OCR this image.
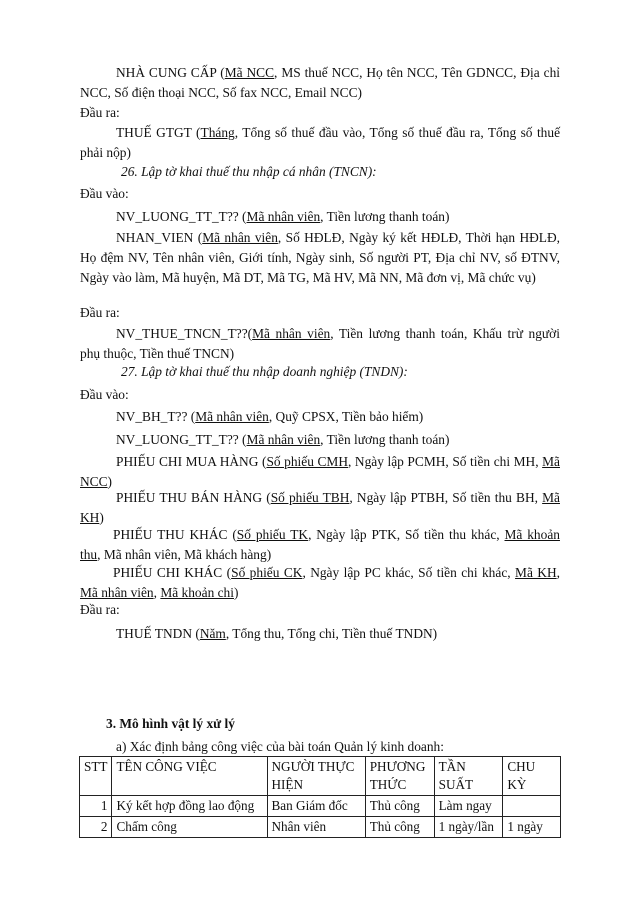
NHÀ CUNG CẤP (Mã NCC, MS thuế NCC, Họ tên NCC, Tên GDNCC, Địa chỉ NCC, Số điện thoại NCC, Số fax NCC, Email NCC)

Đầu ra:

THUẾ GTGT (Tháng, Tổng số thuế đầu vào, Tổng số thuế đầu ra, Tổng số thuế phải nộp)

26. Lập tờ khai thuế thu nhập cá nhân (TNCN):

Đầu vào:

NV_LUONG_TT_T?? (Mã nhân viên, Tiền lương thanh toán)

NHAN_VIEN (Mã nhân viên, Số HĐLĐ, Ngày ký kết HĐLĐ, Thời hạn HĐLĐ, Họ đệm NV, Tên nhân viên, Giới tính, Ngày sinh, Số người PT, Địa chỉ NV, số ĐTNV, Ngày vào làm, Mã huyện, Mã DT, Mã TG, Mã HV, Mã NN, Mã đơn vị, Mã chức vụ)

Đầu ra:

NV_THUE_TNCN_T??(Mã nhân viên, Tiền lương thanh toán, Khấu trừ người phụ thuộc, Tiền thuế TNCN)

27. Lập tờ khai thuế thu nhập doanh nghiệp (TNDN):

Đầu vào:

NV_BH_T?? (Mã nhân viên, Quỹ CPSX, Tiền bảo hiểm)

NV_LUONG_TT_T?? (Mã nhân viên, Tiền lương thanh toán)

PHIẾU CHI MUA HÀNG (Số phiếu CMH, Ngày lập PCMH, Số tiền chi MH, Mã NCC)

PHIẾU THU BÁN HÀNG (Số phiếu TBH, Ngày lập PTBH, Số tiền thu BH, Mã KH)

PHIẾU THU KHÁC (Số phiếu TK, Ngày lập PTK, Số tiền thu khác, Mã khoản thu, Mã nhân viên, Mã khách hàng)

PHIẾU CHI KHÁC (Số phiếu CK, Ngày lập PC khác, Số tiền chi khác, Mã KH, Mã nhân viên, Mã khoản chi)

Đầu ra:

THUẾ TNDN (Năm, Tổng thu, Tổng chi, Tiền thuế TNDN)

3. Mô hình vật lý xử lý

a) Xác định bảng công việc của bài toán Quản lý kinh doanh:

STT	TÊN CÔNG VIỆC	NGƯỜI THỰC HIỆN	PHƯƠNG THỨC	TẦN SUẤT	CHU KỲ
1	Ký kết hợp đồng lao động	Ban Giám đốc	Thủ công	Làm ngay	
2	Chấm công	Nhân viên	Thủ công	1 ngày/lần	1 ngày
